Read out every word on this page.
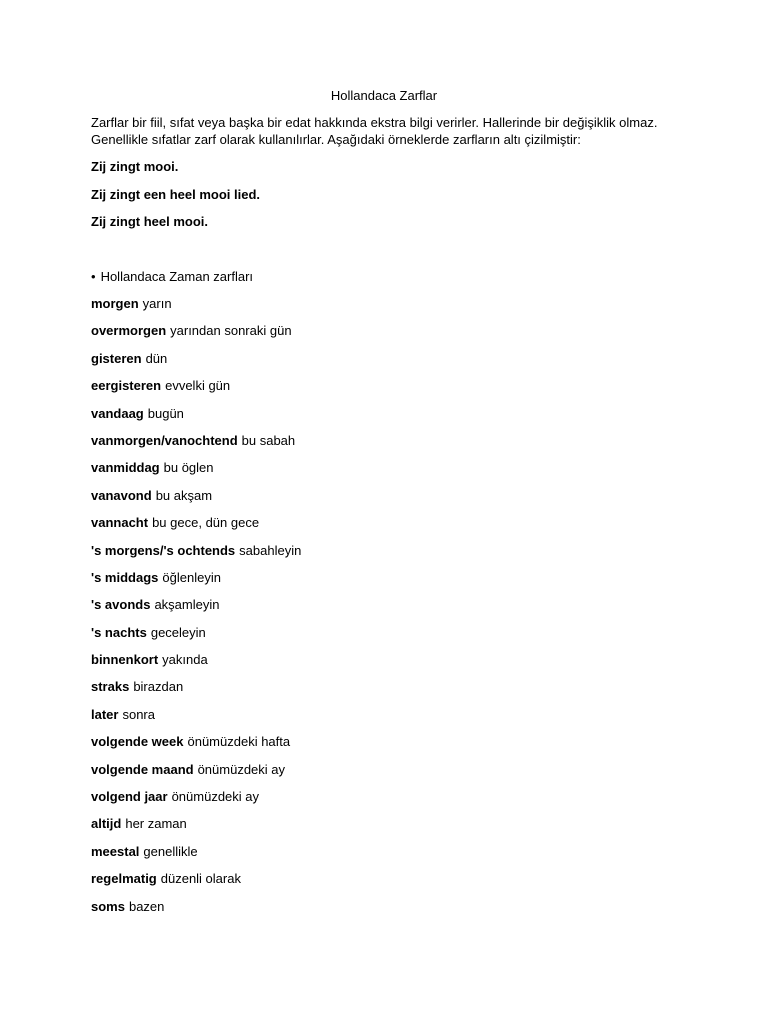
Hollandaca Zarflar
Zarflar bir fiil, sıfat veya başka bir edat hakkında ekstra bilgi verirler. Hallerinde bir değişiklik olmaz. Genellikle sıfatlar zarf olarak kullanılırlar. Aşağıdaki örneklerde zarfların altı çizilmiştir:
Zij zingt mooi.
Zij zingt een heel mooi lied.
Zij zingt heel mooi.
• Hollandaca Zaman zarfları
morgen yarın
overmorgen yarından sonraki gün
gisteren dün
eergisteren evvelki gün
vandaag bugün
vanmorgen/vanochtend bu sabah
vanmiddag bu öglen
vanavond bu akşam
vannacht bu gece, dün gece
's morgens/'s ochtends sabahleyin
's middags öğlenleyin
's avonds akşamleyin
's nachts geceleyin
binnenkort yakında
straks birazdan
later sonra
volgende week önümüzdeki hafta
volgende maand önümüzdeki ay
volgend jaar önümüzdeki ay
altijd her zaman
meestal genellikle
regelmatig düzenli olarak
soms bazen
